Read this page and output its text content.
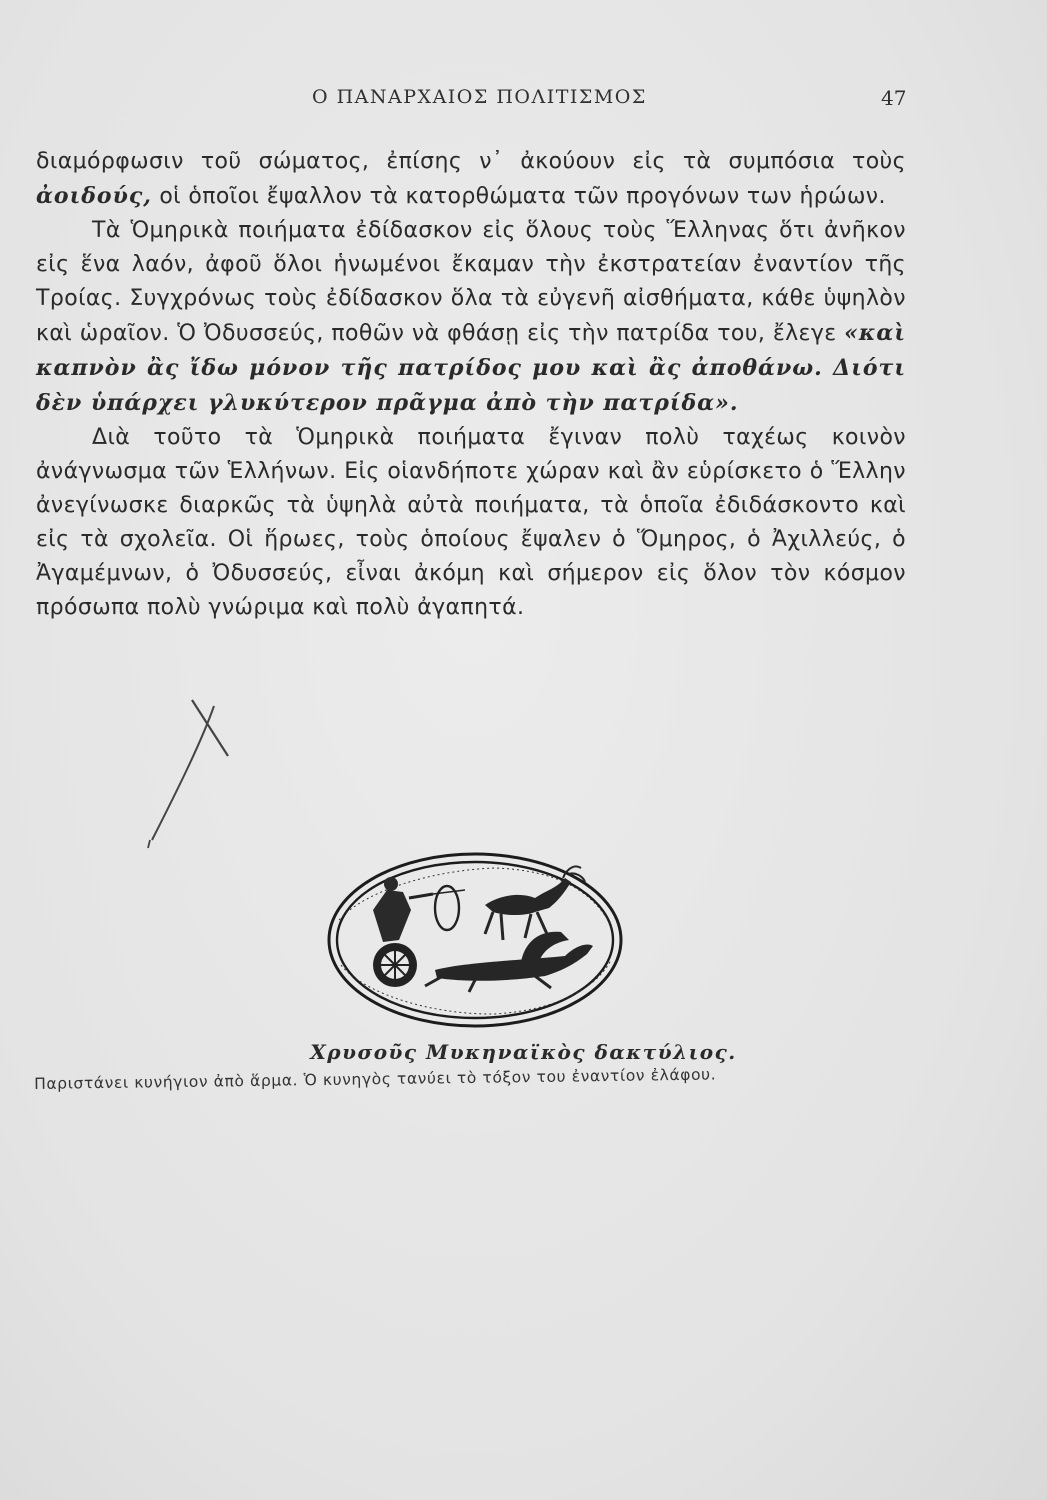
Ο ΠΑΝΑΡΧΑΙΟΣ ΠΟΛΙΤΙΣΜΟΣ	47

διαμόρφωσιν τοῦ σώματος, ἐπίσης ν᾿ ἀκούουν εἰς τὰ συμπόσια τοὺς ἀοιδούς, οἱ ὁποῖοι ἔψαλλον τὰ κατορθώματα τῶν προγόνων των ἡρώων.

Τὰ Ὁμηρικὰ ποιήματα ἐδίδασκον εἰς ὅλους τοὺς Ἕλληνας ὅτι ἀνῆκον εἰς ἕνα λαόν, ἀφοῦ ὅλοι ἡνωμένοι ἔκαμαν τὴν ἐκστρατείαν ἐναντίον τῆς Τροίας. Συγχρόνως τοὺς ἐδίδασκον ὅλα τὰ εὐγενῆ αἰσθήματα, κάθε ὑψηλὸν καὶ ὡραῖον. Ὁ Ὀδυσσεύς, ποθῶν νὰ φθάσῃ εἰς τὴν πατρίδα του, ἔλεγε «καὶ καπνὸν ἂς ἴδω μόνον τῆς πατρίδος μου καὶ ἂς ἀποθάνω. Διότι δὲν ὑπάρχει γλυκύτερον πρᾶγμα ἀπὸ τὴν πατρίδα».

Διὰ τοῦτο τὰ Ὁμηρικὰ ποιήματα ἔγιναν πολὺ ταχέως κοινὸν ἀνάγνωσμα τῶν Ἑλλήνων. Εἰς οἱανδήποτε χώραν καὶ ἂν εὑρίσκετο ὁ Ἕλλην ἀνεγίνωσκε διαρκῶς τὰ ὑψηλὰ αὐτὰ ποιήματα, τὰ ὁποῖα ἐδιδάσκοντο καὶ εἰς τὰ σχολεῖα. Οἱ ἥρωες, τοὺς ὁποίους ἔψαλεν ὁ Ὅμηρος, ὁ Ἀχιλλεύς, ὁ Ἀγαμέμνων, ὁ Ὀδυσσεύς, εἶναι ἀκόμη καὶ σήμερον εἰς ὅλον τὸν κόσμον πρόσωπα πολὺ γνώριμα καὶ πολὺ ἀγαπητά.

Χρυσοῦς Μυκηναϊκὸς δακτύλιος.
Παριστάνει κυνήγιον ἀπὸ ἅρμα. Ὁ κυνηγὸς τανύει τὸ τόξον του ἐναντίον ἐλάφου.
